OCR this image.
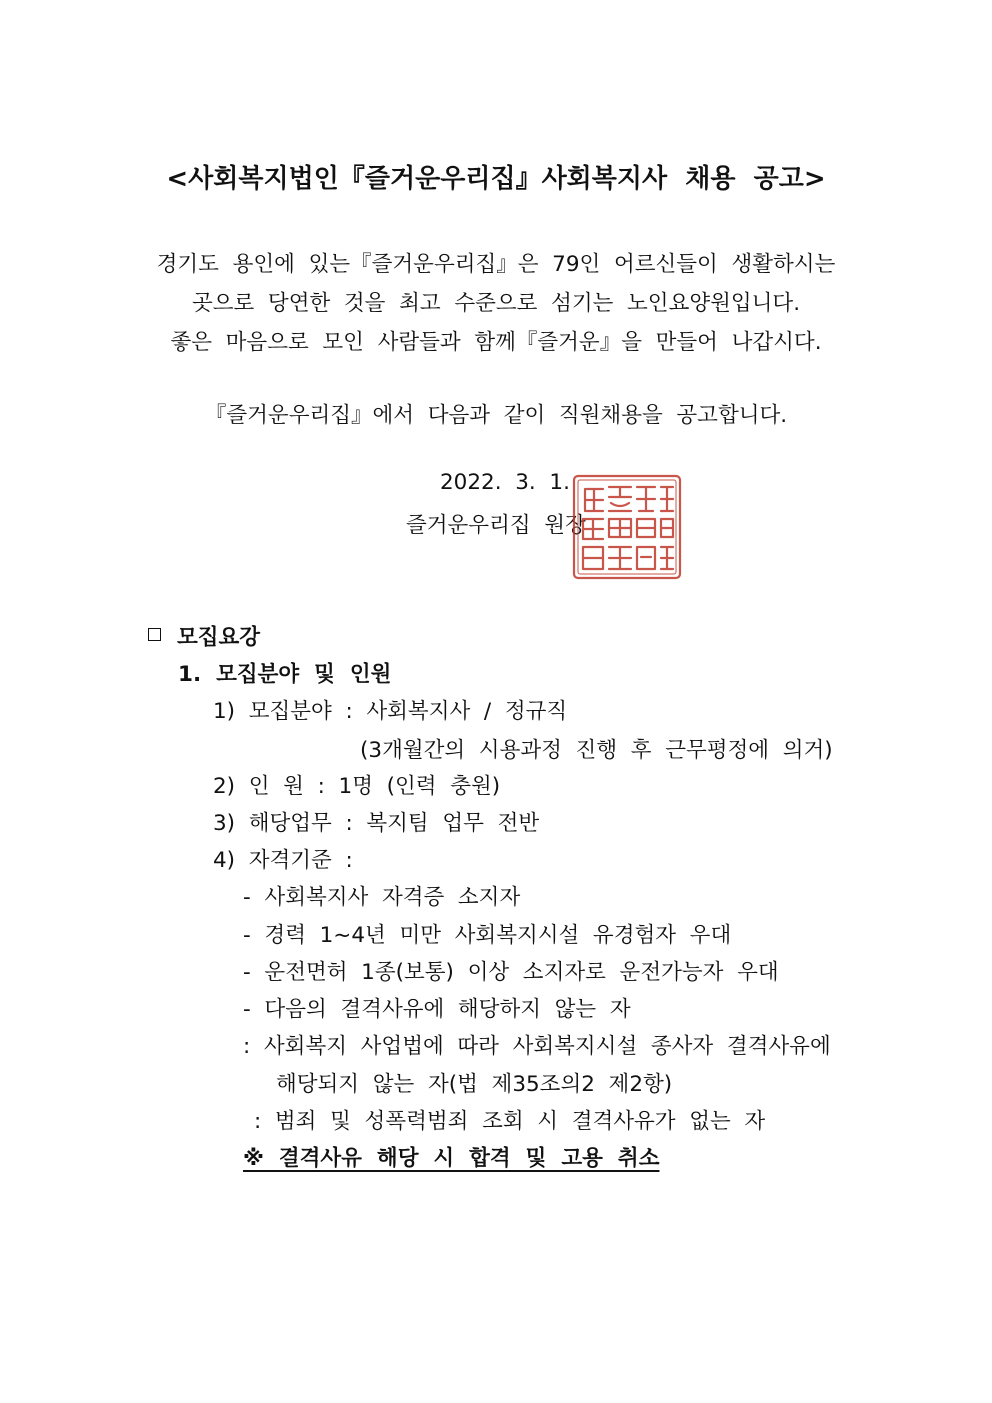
<사회복지법인『즐거운우리집』사회복지사  채용  공고>
경기도  용인에  있는『즐거운우리집』은  79인  어르신들이  생활하시는
곳으로  당연한  것을  최고  수준으로  섬기는  노인요양원입니다.
좋은  마음으로  모인  사람들과  함께『즐거운』을  만들어  나갑시다.
『즐거운우리집』에서  다음과  같이  직원채용을  공고합니다.
2022.  3.  1.
즐거운우리집  원장
모집요강
1.  모집분야  및  인원
1)  모집분야  :  사회복지사  /  정규직
(3개월간의  시용과정  진행  후  근무평정에  의거)
2)  인  원  :  1명  (인력  충원)
3)  해당업무  :  복지팀  업무  전반
4)  자격기준  :
-  사회복지사  자격증  소지자
-  경력  1~4년  미만  사회복지시설  유경험자  우대
-  운전면허  1종(보통)  이상  소지자로  운전가능자  우대
-  다음의  결격사유에  해당하지  않는  자
:  사회복지  사업법에  따라  사회복지시설  종사자  결격사유에
해당되지  않는  자(법  제35조의2  제2항)
:  범죄  및  성폭력범죄  조회  시  결격사유가  없는  자
※  결격사유  해당  시  합격  및  고용  취소
